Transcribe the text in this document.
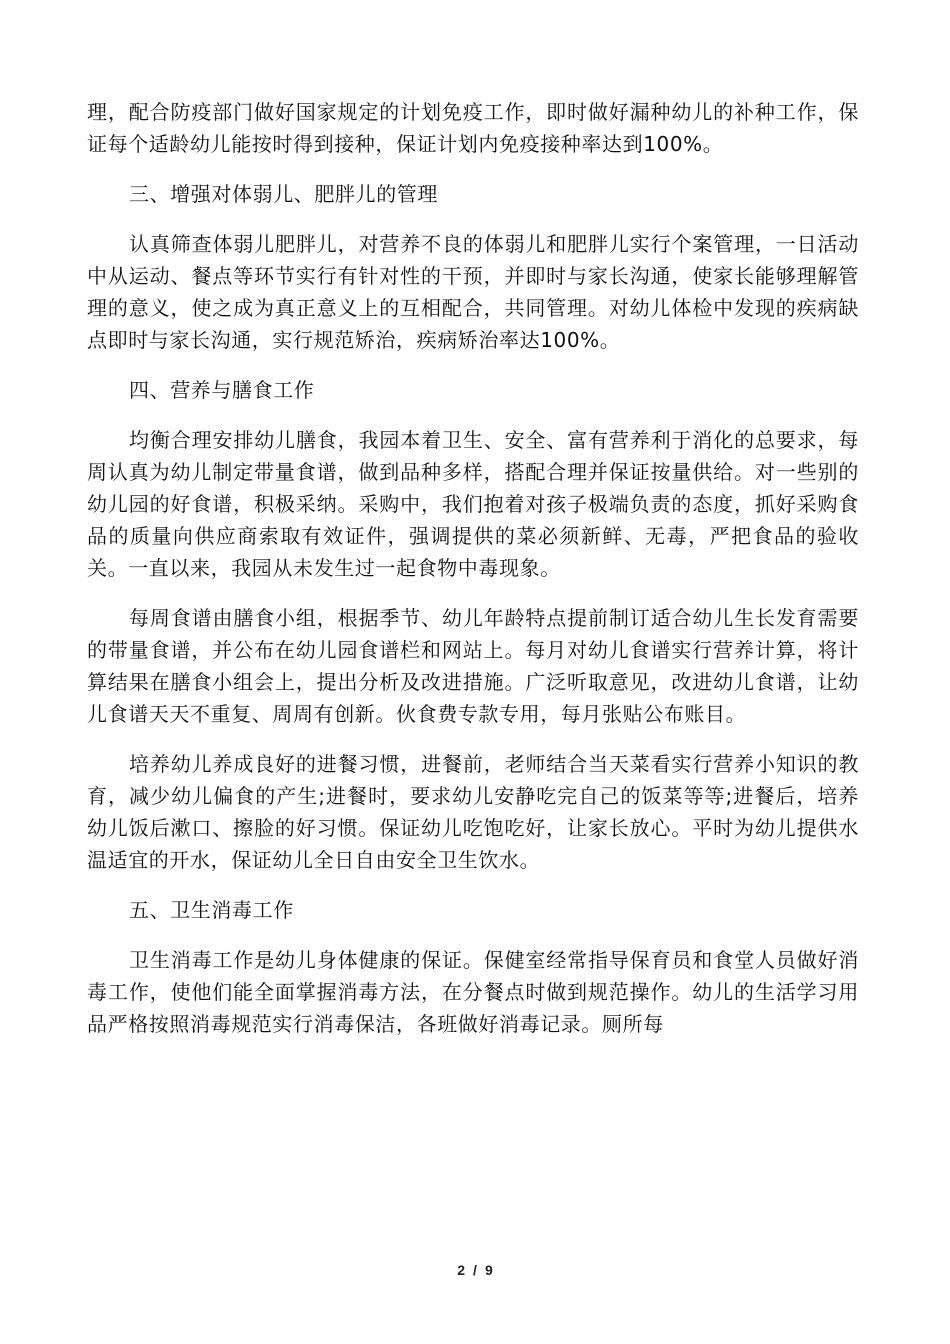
理，配合防疫部门做好国家规定的计划免疫工作，即时做好漏种幼儿的补种工作，保证每个适龄幼儿能按时得到接种，保证计划内免疫接种率达到100%。

三、增强对体弱儿、肥胖儿的管理

认真筛查体弱儿肥胖儿，对营养不良的体弱儿和肥胖儿实行个案管理，一日活动中从运动、餐点等环节实行有针对性的干预，并即时与家长沟通，使家长能够理解管理的意义，使之成为真正意义上的互相配合，共同管理。对幼儿体检中发现的疾病缺点即时与家长沟通，实行规范矫治，疾病矫治率达100%。

四、营养与膳食工作

均衡合理安排幼儿膳食，我园本着卫生、安全、富有营养利于消化的总要求，每周认真为幼儿制定带量食谱，做到品种多样，搭配合理并保证按量供给。对一些别的幼儿园的好食谱，积极采纳。采购中，我们抱着对孩子极端负责的态度，抓好采购食品的质量向供应商索取有效证件，强调提供的菜必须新鲜、无毒，严把食品的验收关。一直以来，我园从未发生过一起食物中毒现象。

每周食谱由膳食小组，根据季节、幼儿年龄特点提前制订适合幼儿生长发育需要的带量食谱，并公布在幼儿园食谱栏和网站上。每月对幼儿食谱实行营养计算，将计算结果在膳食小组会上，提出分析及改进措施。广泛听取意见，改进幼儿食谱，让幼儿食谱天天不重复、周周有创新。伙食费专款专用，每月张贴公布账目。

培养幼儿养成良好的进餐习惯，进餐前，老师结合当天菜看实行营养小知识的教育，减少幼儿偏食的产生;进餐时，要求幼儿安静吃完自己的饭菜等等;进餐后，培养幼儿饭后漱口、擦脸的好习惯。保证幼儿吃饱吃好，让家长放心。平时为幼儿提供水温适宜的开水，保证幼儿全日自由安全卫生饮水。

五、卫生消毒工作

卫生消毒工作是幼儿身体健康的保证。保健室经常指导保育员和食堂人员做好消毒工作，使他们能全面掌握消毒方法，在分餐点时做到规范操作。幼儿的生活学习用品严格按照消毒规范实行消毒保洁，各班做好消毒记录。厕所每

2 / 9
